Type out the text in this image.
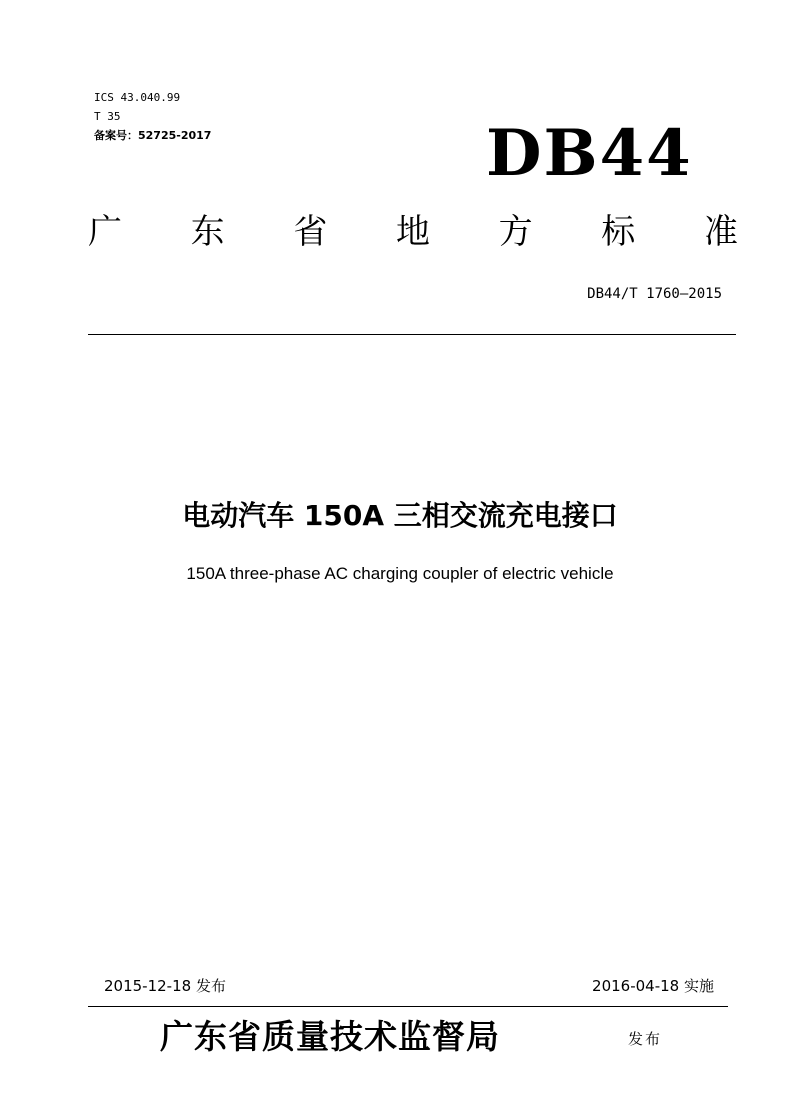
ICS 43.040.99
T 35
备案号：52725-2017	DB44
广 东 省 地 方 标 准
DB44/T 1760—2015
电动汽车 150A 三相交流充电接口
150A three-phase AC charging coupler of electric vehicle
2015-12-18 发布	2016-04-18 实施
广东省质量技术监督局	发布
